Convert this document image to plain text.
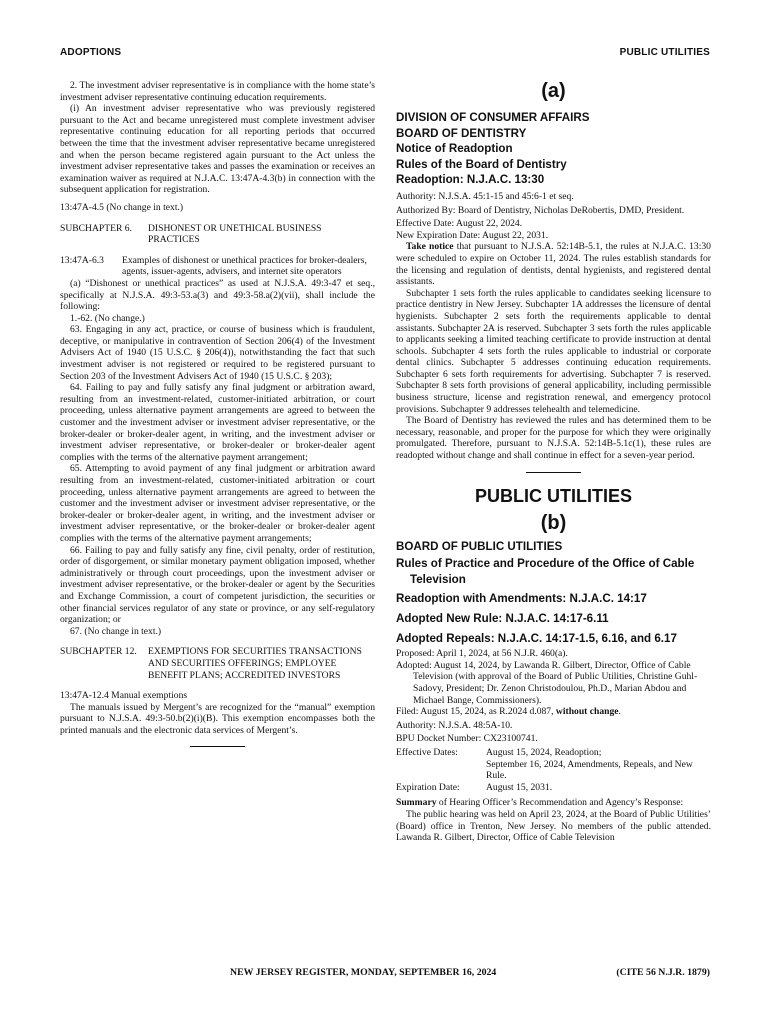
ADOPTIONS	PUBLIC UTILITIES

2. The investment adviser representative is in compliance with the home state’s investment adviser representative continuing education requirements.

(i) An investment adviser representative who was previously registered pursuant to the Act and became unregistered must complete investment adviser representative continuing education for all reporting periods that occurred between the time that the investment adviser representative became unregistered and when the person became registered again pursuant to the Act unless the investment adviser representative takes and passes the examination or receives an examination waiver as required at N.J.A.C. 13:47A-4.3(b) in connection with the subsequent application for registration.

13:47A-4.5 (No change in text.)

SUBCHAPTER 6.	DISHONEST OR UNETHICAL BUSINESS PRACTICES
13:47A-6.3	Examples of dishonest or unethical practices for broker-dealers, agents, issuer-agents, advisers, and internet site operators

(a) “Dishonest or unethical practices” as used at N.J.S.A. 49:3-47 et seq., specifically at N.J.S.A. 49:3-53.a(3) and 49:3-58.a(2)(vii), shall include the following:

1.-62. (No change.)

63. Engaging in any act, practice, or course of business which is fraudulent, deceptive, or manipulative in contravention of Section 206(4) of the Investment Advisers Act of 1940 (15 U.S.C. § 206(4)), notwithstanding the fact that such investment adviser is not registered or required to be registered pursuant to Section 203 of the Investment Advisers Act of 1940 (15 U.S.C. § 203);

64. Failing to pay and fully satisfy any final judgment or arbitration award, resulting from an investment-related, customer-initiated arbitration, or court proceeding, unless alternative payment arrangements are agreed to between the customer and the investment adviser or investment adviser representative, or the broker-dealer or broker-dealer agent, in writing, and the investment adviser or investment adviser representative, or broker-dealer or broker-dealer agent complies with the terms of the alternative payment arrangement;

65. Attempting to avoid payment of any final judgment or arbitration award resulting from an investment-related, customer-initiated arbitration or court proceeding, unless alternative payment arrangements are agreed to between the customer and the investment adviser or investment adviser representative, or the broker-dealer or broker-dealer agent, in writing, and the investment adviser or investment adviser representative, or the broker-dealer or broker-dealer agent complies with the terms of the alternative payment arrangements;

66. Failing to pay and fully satisfy any fine, civil penalty, order of restitution, order of disgorgement, or similar monetary payment obligation imposed, whether administratively or through court proceedings, upon the investment adviser or investment adviser representative, or the broker-dealer or agent by the Securities and Exchange Commission, a court of competent jurisdiction, the securities or other financial services regulator of any state or province, or any self-regulatory organization; or

67. (No change in text.)

SUBCHAPTER 12.	EXEMPTIONS FOR SECURITIES TRANSACTIONS AND SECURITIES OFFERINGS; EMPLOYEE BENEFIT PLANS; ACCREDITED INVESTORS

13:47A-12.4 Manual exemptions

The manuals issued by Mergent’s are recognized for the “manual” exemption pursuant to N.J.S.A. 49:3-50.b(2)(i)(B). This exemption encompasses both the printed manuals and the electronic data services of Mergent’s.

(a)
DIVISION OF CONSUMER AFFAIRS
BOARD OF DENTISTRY
Notice of Readoption
Rules of the Board of Dentistry
Readoption: N.J.A.C. 13:30

Authority: N.J.S.A. 45:1-15 and 45:6-1 et seq.

Authorized By: Board of Dentistry, Nicholas DeRobertis, DMD, President.

Effective Date: August 22, 2024.

New Expiration Date: August 22, 2031.

Take notice that pursuant to N.J.S.A. 52:14B-5.1, the rules at N.J.A.C. 13:30 were scheduled to expire on October 11, 2024. The rules establish standards for the licensing and regulation of dentists, dental hygienists, and registered dental assistants.

Subchapter 1 sets forth the rules applicable to candidates seeking licensure to practice dentistry in New Jersey. Subchapter 1A addresses the licensure of dental hygienists. Subchapter 2 sets forth the requirements applicable to dental assistants. Subchapter 2A is reserved. Subchapter 3 sets forth the rules applicable to applicants seeking a limited teaching certificate to provide instruction at dental schools. Subchapter 4 sets forth the rules applicable to industrial or corporate dental clinics. Subchapter 5 addresses continuing education requirements. Subchapter 6 sets forth requirements for advertising. Subchapter 7 is reserved. Subchapter 8 sets forth provisions of general applicability, including permissible business structure, license and registration renewal, and emergency protocol provisions. Subchapter 9 addresses telehealth and telemedicine.

The Board of Dentistry has reviewed the rules and has determined them to be necessary, reasonable, and proper for the purpose for which they were originally promulgated. Therefore, pursuant to N.J.S.A. 52:14B-5.1c(1), these rules are readopted without change and shall continue in effect for a seven-year period.

PUBLIC UTILITIES
(b)
BOARD OF PUBLIC UTILITIES
Rules of Practice and Procedure of the Office of Cable Television
Readoption with Amendments: N.J.A.C. 14:17
Adopted New Rule: N.J.A.C. 14:17-6.11
Adopted Repeals: N.J.A.C. 14:17-1.5, 6.16, and 6.17

Proposed: April 1, 2024, at 56 N.J.R. 460(a).

Adopted: August 14, 2024, by Lawanda R. Gilbert, Director, Office of Cable Television (with approval of the Board of Public Utilities, Christine Guhl-Sadovy, President; Dr. Zenon Christodoulou, Ph.D., Marian Abdou and Michael Bange, Commissioners).

Filed: August 15, 2024, as R.2024 d.087, without change.

Authority: N.J.S.A. 48:5A-10.

BPU Docket Number: CX23100741.

Effective Dates:	August 15, 2024, Readoption;
September 16, 2024, Amendments, Repeals, and New Rule.
Expiration Date:	August 15, 2031.

Summary of Hearing Officer’s Recommendation and Agency’s Response:

The public hearing was held on April 23, 2024, at the Board of Public Utilities’ (Board) office in Trenton, New Jersey. No members of the public attended. Lawanda R. Gilbert, Director, Office of Cable Television

NEW JERSEY REGISTER, MONDAY, SEPTEMBER 16, 2024	(CITE 56 N.J.R. 1879)
